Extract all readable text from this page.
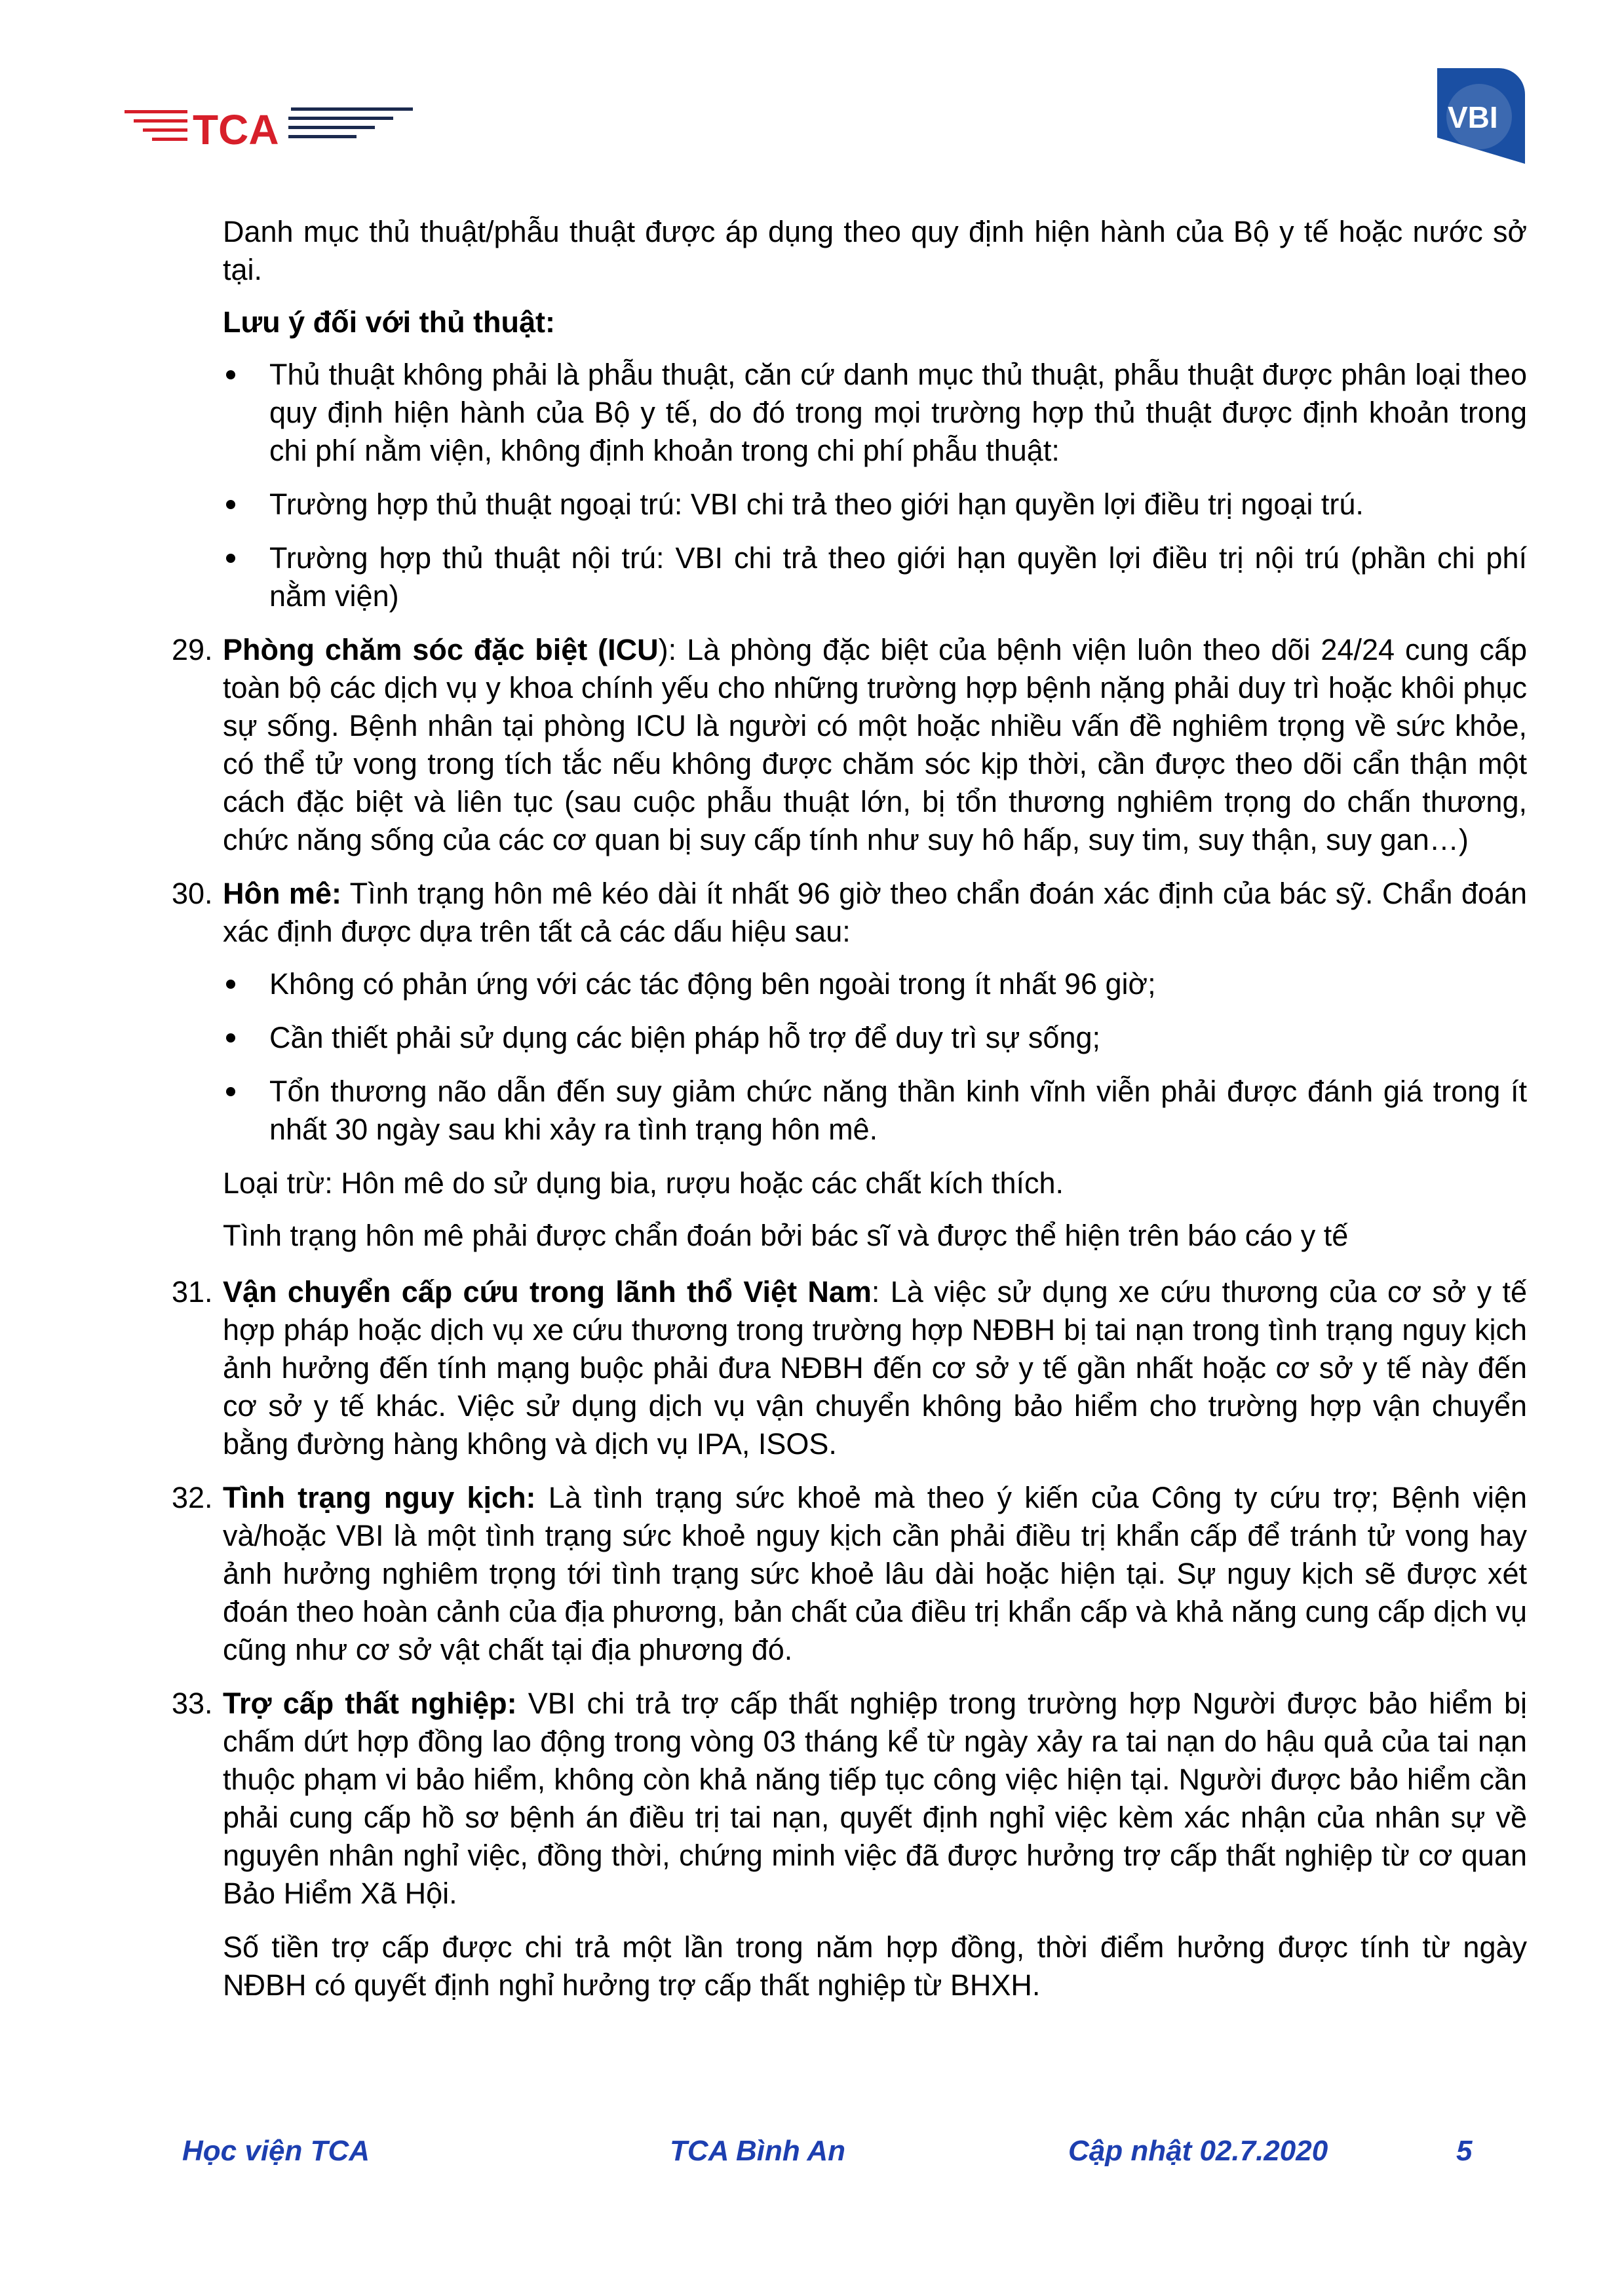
TCA	VBI

Danh mục thủ thuật/phẫu thuật được áp dụng theo quy định hiện hành của Bộ y tế hoặc nước sở tại.

Lưu ý đối với thủ thuật:

Thủ thuật không phải là phẫu thuật, căn cứ danh mục thủ thuật, phẫu thuật được phân loại theo quy định hiện hành của Bộ y tế, do đó trong mọi trường hợp thủ thuật được định khoản trong chi phí nằm viện, không định khoản trong chi phí phẫu thuật:
Trường hợp thủ thuật ngoại trú: VBI chi trả theo giới hạn quyền lợi điều trị ngoại trú.
Trường hợp thủ thuật nội trú: VBI chi trả theo giới hạn quyền lợi điều trị nội trú (phần chi phí nằm viện)
29. Phòng chăm sóc đặc biệt (ICU): Là phòng đặc biệt của bệnh viện luôn theo dõi 24/24 cung cấp toàn bộ các dịch vụ y khoa chính yếu cho những trường hợp bệnh nặng phải duy trì hoặc khôi phục sự sống. Bệnh nhân tại phòng ICU là người có một hoặc nhiều vấn đề nghiêm trọng về sức khỏe, có thể tử vong trong tích tắc nếu không được chăm sóc kịp thời, cần được theo dõi cẩn thận một cách đặc biệt và liên tục (sau cuộc phẫu thuật lớn, bị tổn thương nghiêm trọng do chấn thương, chức năng sống của các cơ quan bị suy cấp tính như suy hô hấp, suy tim, suy thận, suy gan…)

30. Hôn mê: Tình trạng hôn mê kéo dài ít nhất 96 giờ theo chẩn đoán xác định của bác sỹ. Chẩn đoán xác định được dựa trên tất cả các dấu hiệu sau:

Không có phản ứng với các tác động bên ngoài trong ít nhất 96 giờ;
Cần thiết phải sử dụng các biện pháp hỗ trợ để duy trì sự sống;
Tổn thương não dẫn đến suy giảm chức năng thần kinh vĩnh viễn phải được đánh giá trong ít nhất 30 ngày sau khi xảy ra tình trạng hôn mê.

Loại trừ: Hôn mê do sử dụng bia, rượu hoặc các chất kích thích.

Tình trạng hôn mê phải được chẩn đoán bởi bác sĩ và được thể hiện trên báo cáo y tế

31. Vận chuyển cấp cứu trong lãnh thổ Việt Nam: Là việc sử dụng xe cứu thương của cơ sở y tế hợp pháp hoặc dịch vụ xe cứu thương trong trường hợp NĐBH bị tai nạn trong tình trạng nguy kịch ảnh hưởng đến tính mạng buộc phải đưa NĐBH đến cơ sở y tế gần nhất hoặc cơ sở y tế này đến cơ sở y tế khác. Việc sử dụng dịch vụ vận chuyển không bảo hiểm cho trường hợp vận chuyển bằng đường hàng không và dịch vụ IPA, ISOS.

32. Tình trạng nguy kịch: Là tình trạng sức khoẻ mà theo ý kiến của Công ty cứu trợ; Bệnh viện và/hoặc VBI là một tình trạng sức khoẻ nguy kịch cần phải điều trị khẩn cấp để tránh tử vong hay ảnh hưởng nghiêm trọng tới tình trạng sức khoẻ lâu dài hoặc hiện tại. Sự nguy kịch sẽ được xét đoán theo hoàn cảnh của địa phương, bản chất của điều trị khẩn cấp và khả năng cung cấp dịch vụ cũng như cơ sở vật chất tại địa phương đó.

33. Trợ cấp thất nghiệp: VBI chi trả trợ cấp thất nghiệp trong trường hợp Người được bảo hiểm bị chấm dứt hợp đồng lao động trong vòng 03 tháng kể từ ngày xảy ra tai nạn do hậu quả của tai nạn thuộc phạm vi bảo hiểm, không còn khả năng tiếp tục công việc hiện tại. Người được bảo hiểm cần phải cung cấp hồ sơ bệnh án điều trị tai nạn, quyết định nghỉ việc kèm xác nhận của nhân sự về nguyên nhân nghỉ việc, đồng thời, chứng minh việc đã được hưởng trợ cấp thất nghiệp từ cơ quan Bảo Hiểm Xã Hội.

Số tiền trợ cấp được chi trả một lần trong năm hợp đồng, thời điểm hưởng được tính từ ngày NĐBH có quyết định nghỉ hưởng trợ cấp thất nghiệp từ BHXH.

Học viện TCA	TCA Bình An	Cập nhật 02.7.2020	5
